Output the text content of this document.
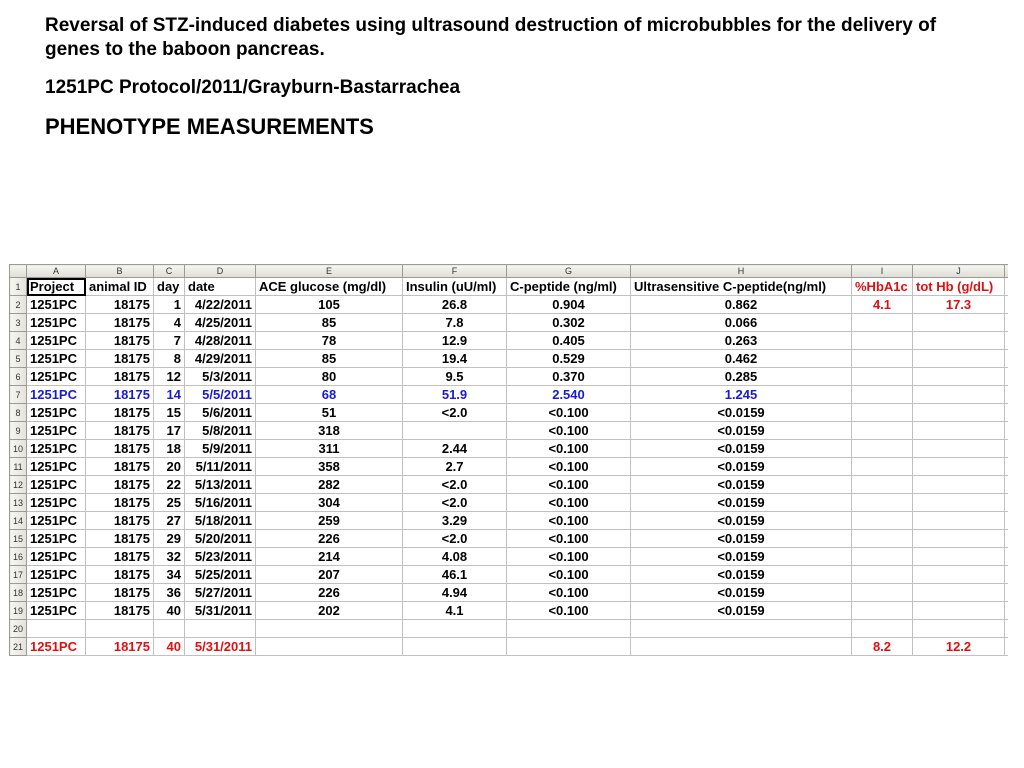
Reversal of STZ-induced diabetes using ultrasound destruction of microbubbles for the delivery of genes to the baboon pancreas.

1251PC Protocol/2011/Grayburn-Bastarrachea

PHENOTYPE MEASUREMENTS

	A	B	C	D	E	F	G	H	I	J	
1	Project	animal ID	day	date	ACE glucose (mg/dl)	Insulin (uU/ml)	C-peptide (ng/ml)	Ultrasensitive C-peptide(ng/ml)	%HbA1c	tot Hb (g/dL)	
2	1251PC	18175	1	4/22/2011	105	26.8	0.904	0.862	4.1	17.3	
3	1251PC	18175	4	4/25/2011	85	7.8	0.302	0.066			
4	1251PC	18175	7	4/28/2011	78	12.9	0.405	0.263			
5	1251PC	18175	8	4/29/2011	85	19.4	0.529	0.462			
6	1251PC	18175	12	5/3/2011	80	9.5	0.370	0.285			
7	1251PC	18175	14	5/5/2011	68	51.9	2.540	1.245			
8	1251PC	18175	15	5/6/2011	51	<2.0	<0.100	<0.0159			
9	1251PC	18175	17	5/8/2011	318		<0.100	<0.0159			
10	1251PC	18175	18	5/9/2011	311	2.44	<0.100	<0.0159			
11	1251PC	18175	20	5/11/2011	358	2.7	<0.100	<0.0159			
12	1251PC	18175	22	5/13/2011	282	<2.0	<0.100	<0.0159			
13	1251PC	18175	25	5/16/2011	304	<2.0	<0.100	<0.0159			
14	1251PC	18175	27	5/18/2011	259	3.29	<0.100	<0.0159			
15	1251PC	18175	29	5/20/2011	226	<2.0	<0.100	<0.0159			
16	1251PC	18175	32	5/23/2011	214	4.08	<0.100	<0.0159			
17	1251PC	18175	34	5/25/2011	207	46.1	<0.100	<0.0159			
18	1251PC	18175	36	5/27/2011	226	4.94	<0.100	<0.0159			
19	1251PC	18175	40	5/31/2011	202	4.1	<0.100	<0.0159			
20											
21	1251PC	18175	40	5/31/2011					8.2	12.2	
